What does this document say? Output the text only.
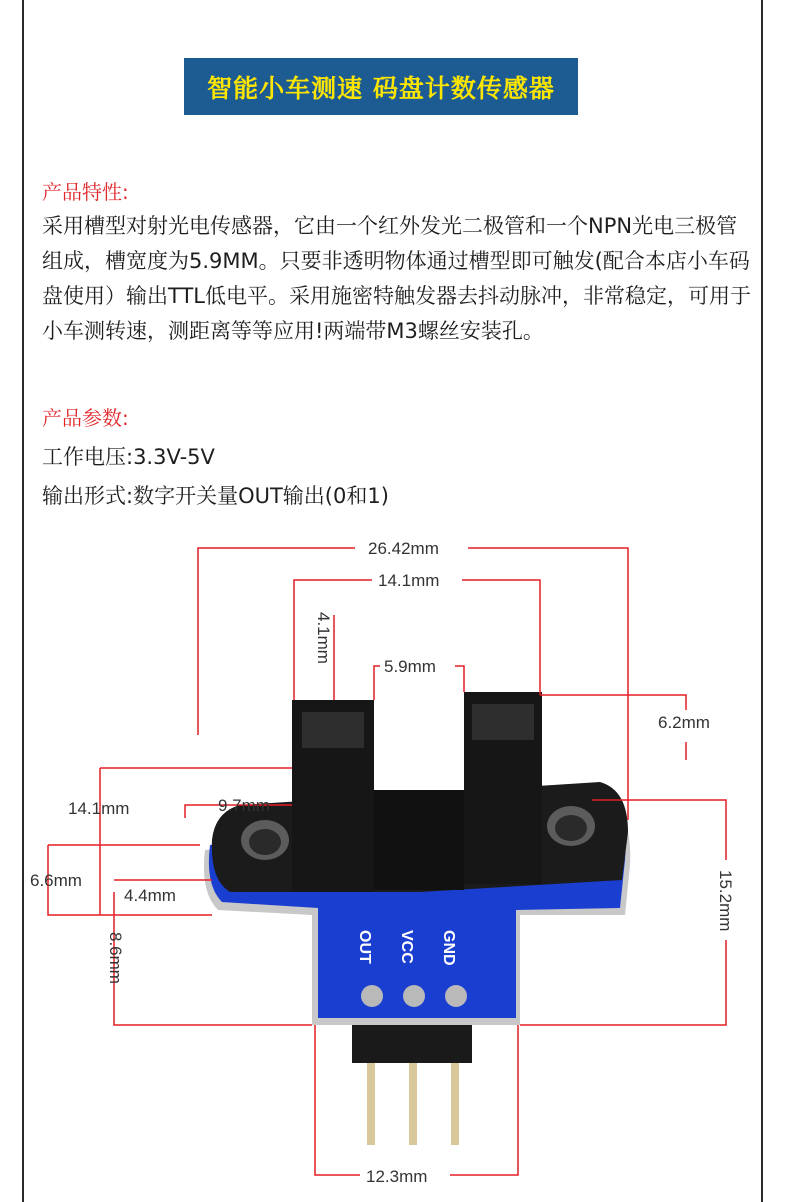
智能小车测速 码盘计数传感器
产品特性:
采用槽型对射光电传感器，它由一个红外发光二极管和一个NPN光电三极管组成，槽宽度为5.9MM。只要非透明物体通过槽型即可触发(配合本店小车码盘使用）输出TTL低电平。采用施密特触发器去抖动脉冲，非常稳定，可用于小车测转速，测距离等等应用!两端带M3螺丝安装孔。
产品参数:
工作电压:3.3V-5V
输出形式:数字开关量OUT输出(0和1)
OUT VCC GND
26.42mm
14.1mm
4.1mm
5.9mm
6.2mm
14.1mm	9.7mm
6.6mm
4.4mm
8.6mm
15.2mm
12.3mm
